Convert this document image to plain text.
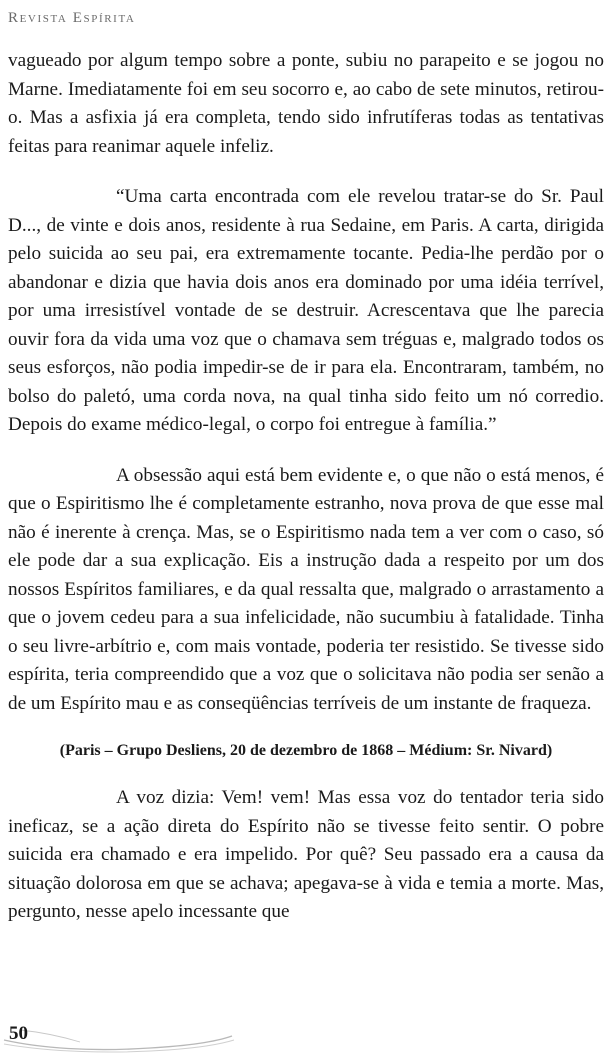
Revista Espírita

vagueado por algum tempo sobre a ponte, subiu no parapeito e se jogou no Marne. Imediatamente foi em seu socorro e, ao cabo de sete minutos, retirou-o. Mas a asfixia já era completa, tendo sido infrutíferas todas as tentativas feitas para reanimar aquele infeliz.

“Uma carta encontrada com ele revelou tratar-se do Sr. Paul D..., de vinte e dois anos, residente à rua Sedaine, em Paris. A carta, dirigida pelo suicida ao seu pai, era extremamente tocante. Pedia-lhe perdão por o abandonar e dizia que havia dois anos era dominado por uma idéia terrível, por uma irresistível vontade de se destruir. Acrescentava que lhe parecia ouvir fora da vida uma voz que o chamava sem tréguas e, malgrado todos os seus esforços, não podia impedir-se de ir para ela. Encontraram, também, no bolso do paletó, uma corda nova, na qual tinha sido feito um nó corredio. Depois do exame médico-legal, o corpo foi entregue à família.”

A obsessão aqui está bem evidente e, o que não o está menos, é que o Espiritismo lhe é completamente estranho, nova prova de que esse mal não é inerente à crença. Mas, se o Espiritismo nada tem a ver com o caso, só ele pode dar a sua explicação. Eis a instrução dada a respeito por um dos nossos Espíritos familiares, e da qual ressalta que, malgrado o arrastamento a que o jovem cedeu para a sua infelicidade, não sucumbiu à fatalidade. Tinha o seu livre-arbítrio e, com mais vontade, poderia ter resistido. Se tivesse sido espírita, teria compreendido que a voz que o solicitava não podia ser senão a de um Espírito mau e as conseqüências terríveis de um instante de fraqueza.

(Paris – Grupo Desliens, 20 de dezembro de 1868 – Médium: Sr. Nivard)

A voz dizia: Vem! vem! Mas essa voz do tentador teria sido ineficaz, se a ação direta do Espírito não se tivesse feito sentir. O pobre suicida era chamado e era impelido. Por quê? Seu passado era a causa da situação dolorosa em que se achava; apegava-se à vida e temia a morte. Mas, pergunto, nesse apelo incessante que

50
